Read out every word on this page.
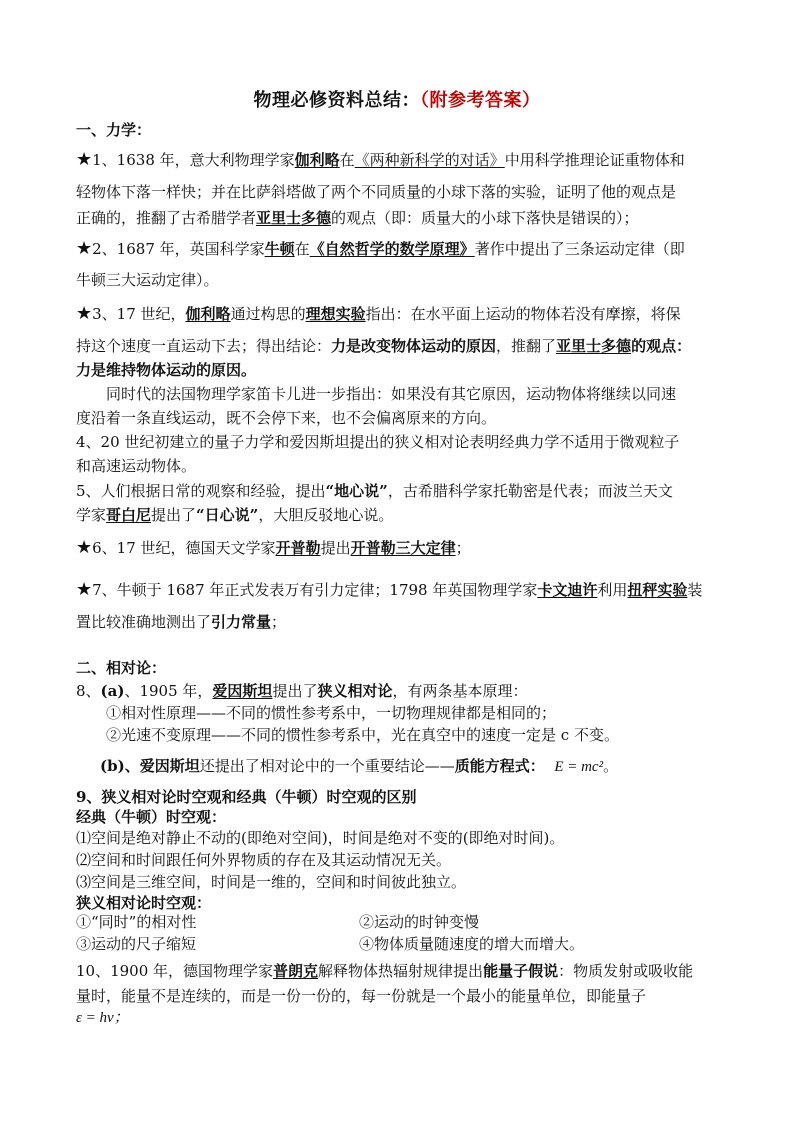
物理必修资料总结：（附参考答案）
一、力学：
★1、1638 年，意大利物理学家伽利略在《两种新科学的对话》中用科学推理论证重物体和
轻物体下落一样快；并在比萨斜塔做了两个不同质量的小球下落的实验，证明了他的观点是
正确的，推翻了古希腊学者亚里士多德的观点（即：质量大的小球下落快是错误的）；
★2、1687 年，英国科学家牛顿在《自然哲学的数学原理》著作中提出了三条运动定律（即
牛顿三大运动定律）。
★3、17 世纪，伽利略通过构思的理想实验指出：在水平面上运动的物体若没有摩擦，将保
持这个速度一直运动下去；得出结论：力是改变物体运动的原因，推翻了亚里士多德的观点：
力是维持物体运动的原因。
同时代的法国物理学家笛卡儿进一步指出：如果没有其它原因，运动物体将继续以同速
度沿着一条直线运动，既不会停下来，也不会偏离原来的方向。
4、20 世纪初建立的量子力学和爱因斯坦提出的狭义相对论表明经典力学不适用于微观粒子
和高速运动物体。
5、人们根据日常的观察和经验，提出“地心说”，古希腊科学家托勒密是代表；而波兰天文
学家哥白尼提出了“日心说”，大胆反驳地心说。
★6、17 世纪，德国天文学家开普勒提出开普勒三大定律；
★7、牛顿于 1687 年正式发表万有引力定律；1798 年英国物理学家卡文迪许利用扭秤实验装
置比较准确地测出了引力常量；
二、相对论：
8、(a)、1905 年，爱因斯坦提出了狭义相对论，有两条基本原理：
①相对性原理——不同的惯性参考系中，一切物理规律都是相同的；
②光速不变原理——不同的惯性参考系中，光在真空中的速度一定是 c 不变。
(b)、爱因斯坦还提出了相对论中的一个重要结论——质能方程式： E = mc²。
9、狭义相对论时空观和经典（牛顿）时空观的区别
经典（牛顿）时空观：
⑴空间是绝对静止不动的(即绝对空间)，时间是绝对不变的(即绝对时间)。
⑵空间和时间跟任何外界物质的存在及其运动情况无关。
⑶空间是三维空间，时间是一维的，空间和时间彼此独立。
狭义相对论时空观：
①“同时”的相对性	②运动的时钟变慢
③运动的尺子缩短	④物体质量随速度的增大而增大。
10、1900 年，德国物理学家普朗克解释物体热辐射规律提出能量子假说：物质发射或吸收能
量时，能量不是连续的，而是一份一份的，每一份就是一个最小的能量单位，即能量子
ε = hν；
